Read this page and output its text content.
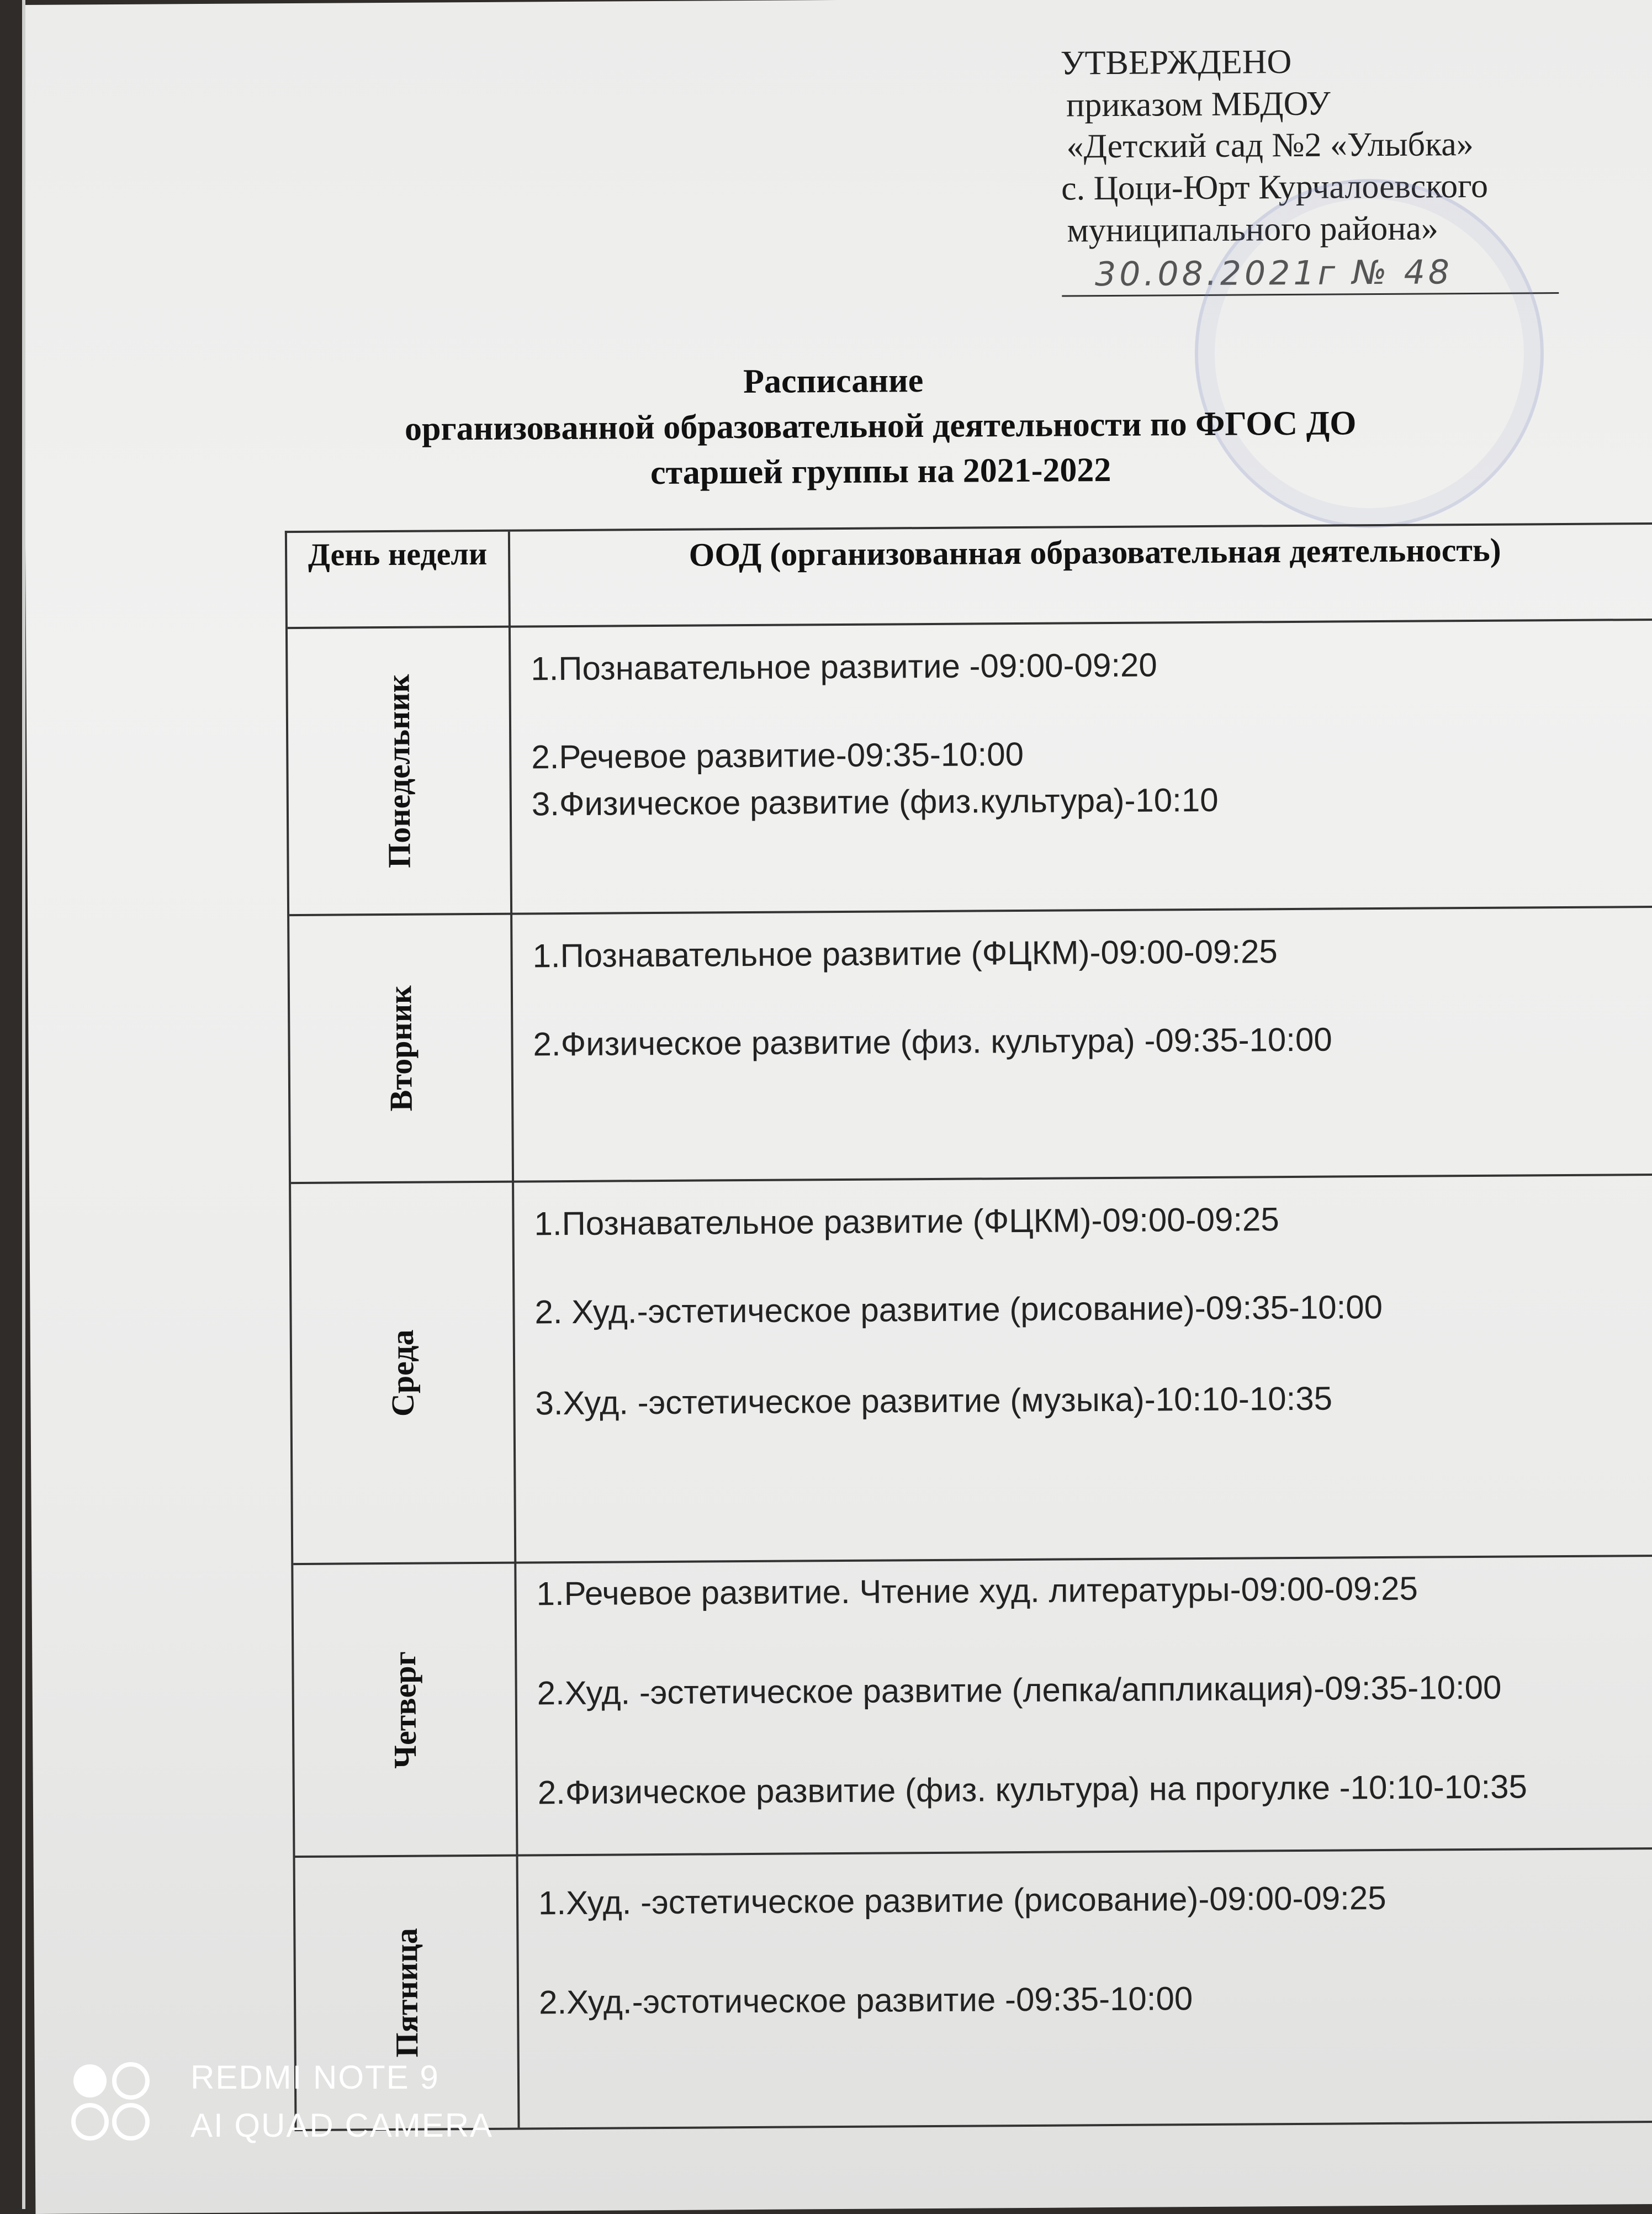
УТВЕРЖДЕНО
приказом МБДОУ
«Детский сад №2 «Улыбка»
с. Цоци-Юрт Курчалоевского
муниципального района»
30.08.2021г № 48
Расписание
организованной образовательной деятельности по ФГОС ДО
старшей группы на 2021-2022
День недели	ООД (организованная образовательная деятельность)
Понедельник
1.Познавательное развитие -09:00-09:20
2.Речевое развитие-09:35-10:00
3.Физическое развитие (физ.культура)-10:10
Вторник
1.Познавательное развитие (ФЦКМ)-09:00-09:25
2.Физическое развитие (физ. культура) -09:35-10:00
Среда
1.Познавательное развитие (ФЦКМ)-09:00-09:25
2. Худ.-эстетическое развитие (рисование)-09:35-10:00
3.Худ. -эстетическое развитие (музыка)-10:10-10:35
Четверг
1.Речевое развитие. Чтение худ. литературы-09:00-09:25
2.Худ. -эстетическое развитие (лепка/аппликация)-09:35-10:00
2.Физическое развитие (физ. культура) на прогулке -10:10-10:35
Пятница
1.Худ. -эстетическое развитие (рисование)-09:00-09:25
2.Худ.-эстотическое развитие -09:35-10:00
REDMI NOTE 9
AI QUAD CAMERA
